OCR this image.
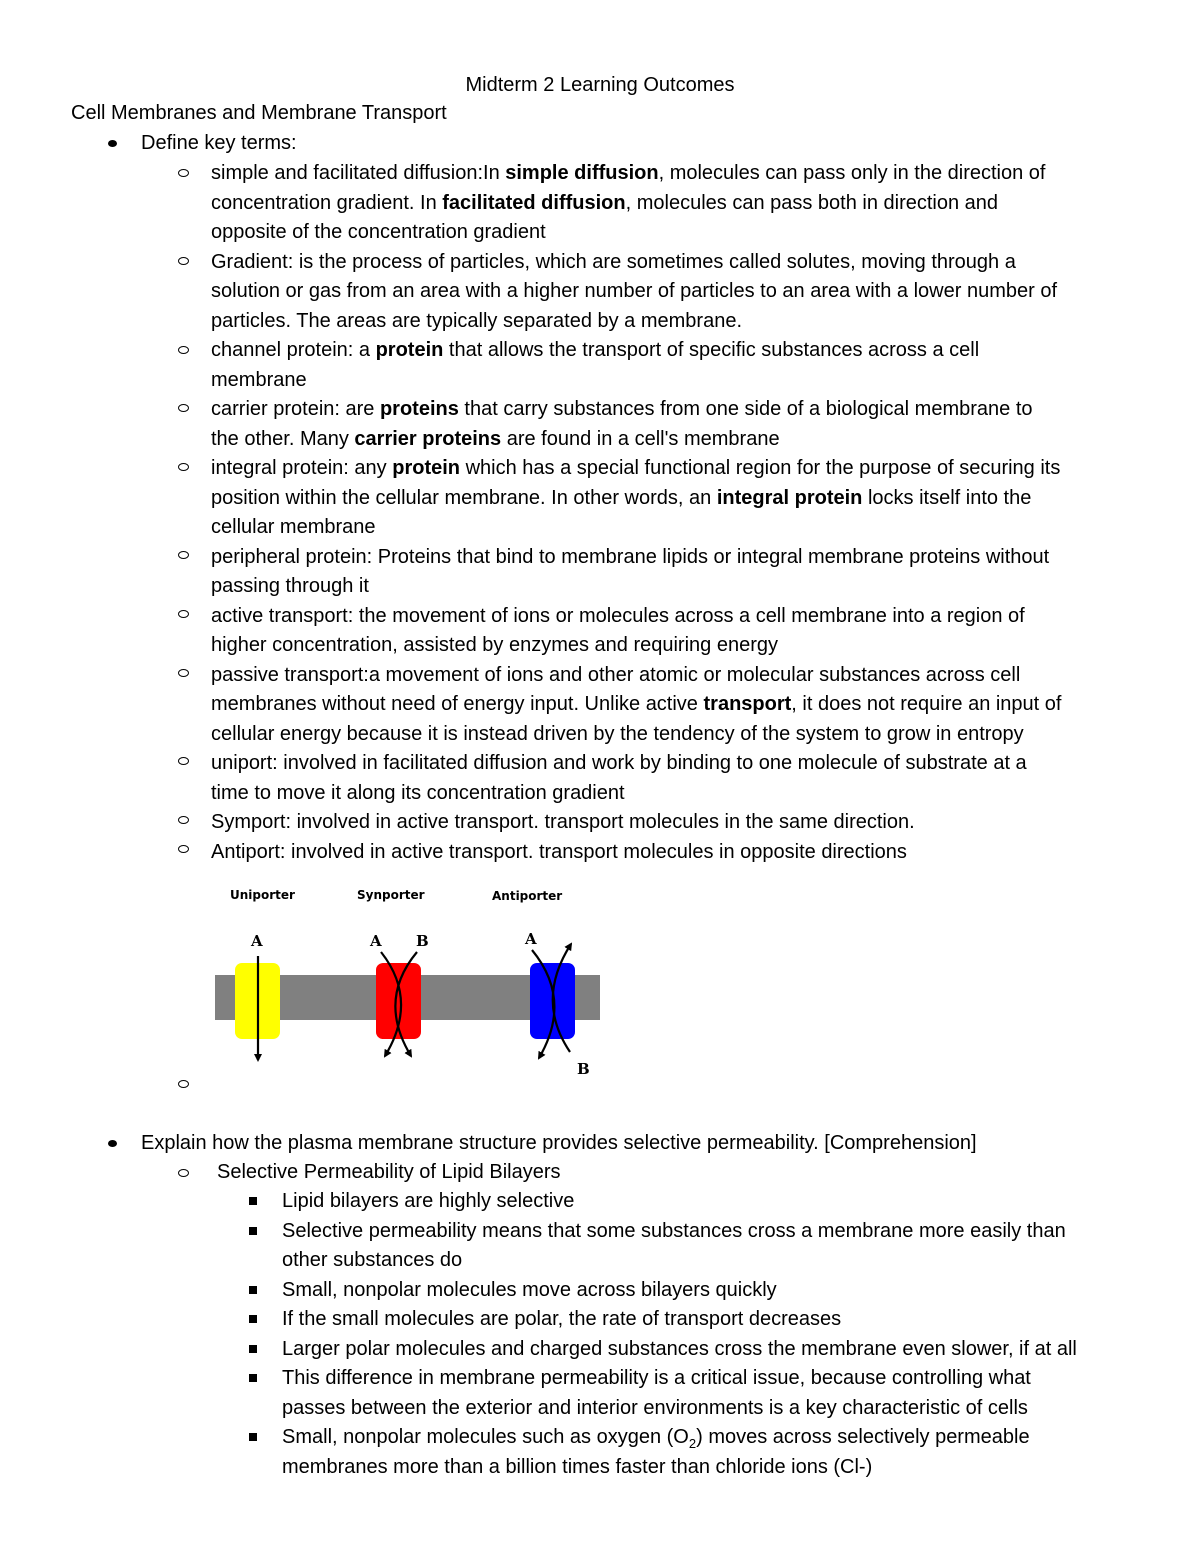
Midterm 2 Learning Outcomes
Cell Membranes and Membrane Transport
Define key terms:
simple and facilitated diffusion:In simple diffusion, molecules can pass only in the direction of
concentration gradient. In facilitated diffusion, molecules can pass both in direction and
opposite of the concentration gradient
Gradient: is the process of particles, which are sometimes called solutes, moving through a
solution or gas from an area with a higher number of particles to an area with a lower number of
particles. The areas are typically separated by a membrane.
channel protein: a protein that allows the transport of specific substances across a cell
membrane
carrier protein: are proteins that carry substances from one side of a biological membrane to
the other. Many carrier proteins are found in a cell's membrane
integral protein: any protein which has a special functional region for the purpose of securing its
position within the cellular membrane. In other words, an integral protein locks itself into the
cellular membrane
peripheral protein: Proteins that bind to membrane lipids or integral membrane proteins without
passing through it
active transport: the movement of ions or molecules across a cell membrane into a region of
higher concentration, assisted by enzymes and requiring energy
passive transport:a movement of ions and other atomic or molecular substances across cell
membranes without need of energy input. Unlike active transport, it does not require an input of
cellular energy because it is instead driven by the tendency of the system to grow in entropy
uniport: involved in facilitated diffusion and work by binding to one molecule of substrate at a
time to move it along its concentration gradient
Symport: involved in active transport. transport molecules in the same direction.
Antiport: involved in active transport. transport molecules in opposite directions
Uniporter	Synporter	Antiporter
A	A B	A
B
Explain how the plasma membrane structure provides selective permeability. [Comprehension]
Selective Permeability of Lipid Bilayers
Lipid bilayers are highly selective
Selective permeability means that some substances cross a membrane more easily than
other substances do
Small, nonpolar molecules move across bilayers quickly
If the small molecules are polar, the rate of transport decreases
Larger polar molecules and charged substances cross the membrane even slower, if at all
This difference in membrane permeability is a critical issue, because controlling what
passes between the exterior and interior environments is a key characteristic of cells
Small, nonpolar molecules such as oxygen $(O_2)$ moves across selectively permeable
membranes more than a billion times faster than chloride ions (Cl-)
